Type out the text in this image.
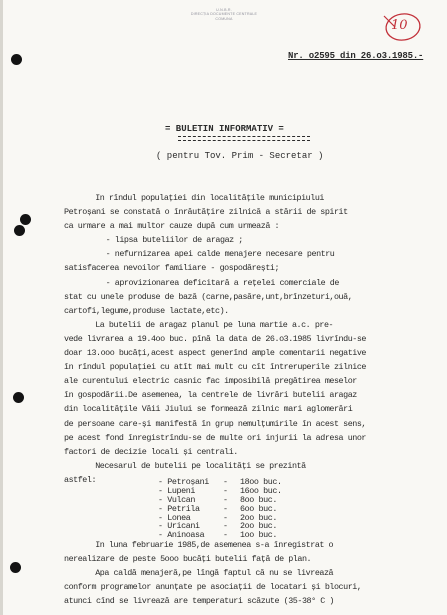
U.N.B.R.
DIRECȚIA DOCUMENTE CENTRALE
COMUNA	10
Nr. o2595 din 26.o3.1985.-
= BULETIN INFORMATIV =
( pentru Tov. Prim - Secretar )
In rîndul populației din localitățile municipiului
Petroșani se constată o înrăutățire zilnică a stării de spirit
ca urmare a mai multor cauze după cum urmează :
- lipsa buteliilor de aragaz ;
- nefurnizarea apei calde menajere necesare pentru
satisfacerea nevoilor familiare - gospodărești;
- aprovizionarea deficitară a rețelei comerciale de
stat cu unele produse de bază (carne,pasăre,unt,brînzeturi,ouă,
cartofi,legume,produse lactate,etc).
La butelii de aragaz planul pe luna martie a.c. pre-
vede livrarea a 19.4oo buc. pînă la data de 26.o3.1985 livrîndu-se
doar 13.ooo bucăți,acest aspect generînd ample comentarii negative
în rîndul populației cu atît mai mult cu cît întreruperile zilnice
ale curentului electric casnic fac imposibilă pregătirea meselor
în gospodării.De asemenea, la centrele de livrări butelii aragaz
din localitățile Văii Jiului se formează zilnic mari aglomerări
de persoane care-și manifestă în grup nemulțumirile în acest sens,
pe acest fond înregistrîndu-se de multe ori injurii la adresa unor
factori de decizie locali și centrali.
Necesarul de butelii pe localități se prezintă
astfel:	- Petroșani	-	18oo buc.
- Lupeni	-	16oo buc.
- Vulcan	-	8oo buc.
- Petrila	-	6oo buc.
- Lonea	-	2oo buc.
- Uricani	-	2oo buc.
- Aninoasa	-	1oo buc.
In luna februarie 1985,de asemenea s-a înregistrat o
nerealizare de peste 5ooo bucăți butelii față de plan.
Apa caldă menajeră,pe lîngă faptul că nu se livrează
conform programelor anunțate pe asociații de locatari și blocuri,
atunci cînd se livrează are temperaturi scăzute (35-38° C )
